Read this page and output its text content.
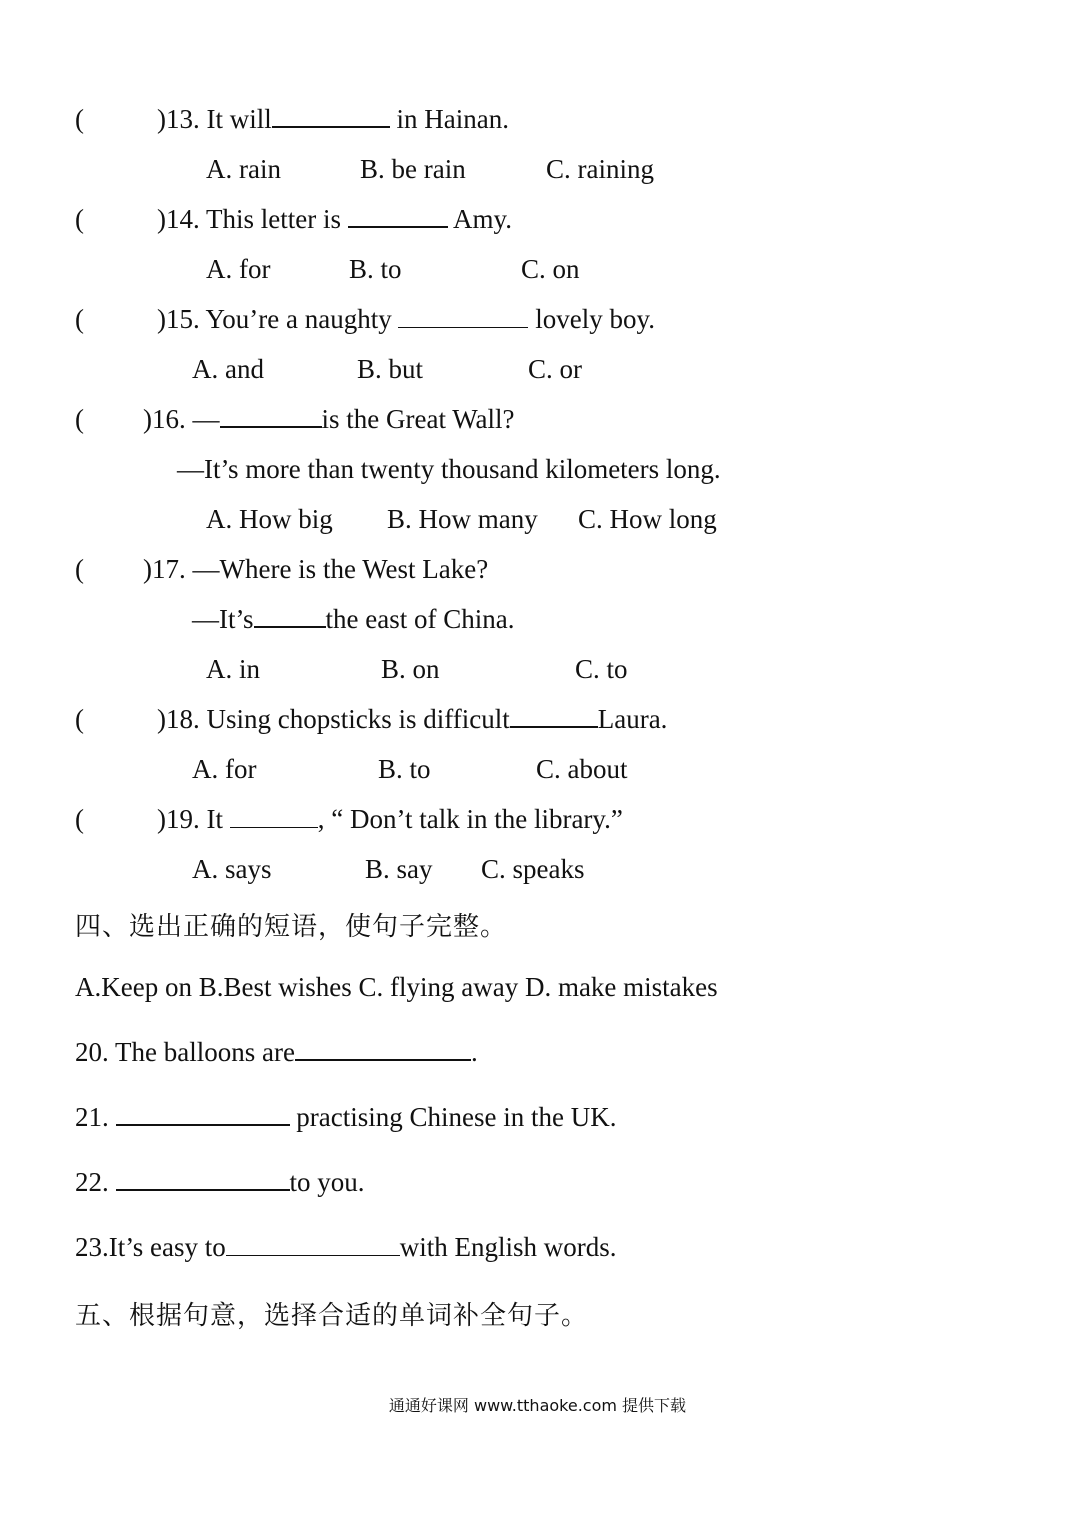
(	)13. It will	in Hainan.
A. rain	B. be rain	C. raining
(	)14. This letter is	Amy.
A. for	B. to	C. on
(	)15. You’re a naughty	lovely boy.
A. and	B. but	C. or
( )16. —	is the Great Wall?
—It’s more than twenty thousand kilometers long.
A. How big B. How many C. How long
( )17. —Where is the West Lake?
—It’s	the east of China.
A. in	B. on	C. to
(	)18. Using chopsticks is difficult	Laura.
A. for	B. to	C. about
(	)19. It	, “ Don’t talk in the library.”
A. says	B. say C. speaks
四、选出正确的短语，使句子完整。
A.Keep on B.Best wishes C. flying away D. make mistakes
20. The balloons are	.
21.	practising Chinese in the UK.
22.	to you.
23.It’s easy to	with English words.
五、根据句意，选择合适的单词补全句子。
通通好课网 www.tthaoke.com 提供下载
